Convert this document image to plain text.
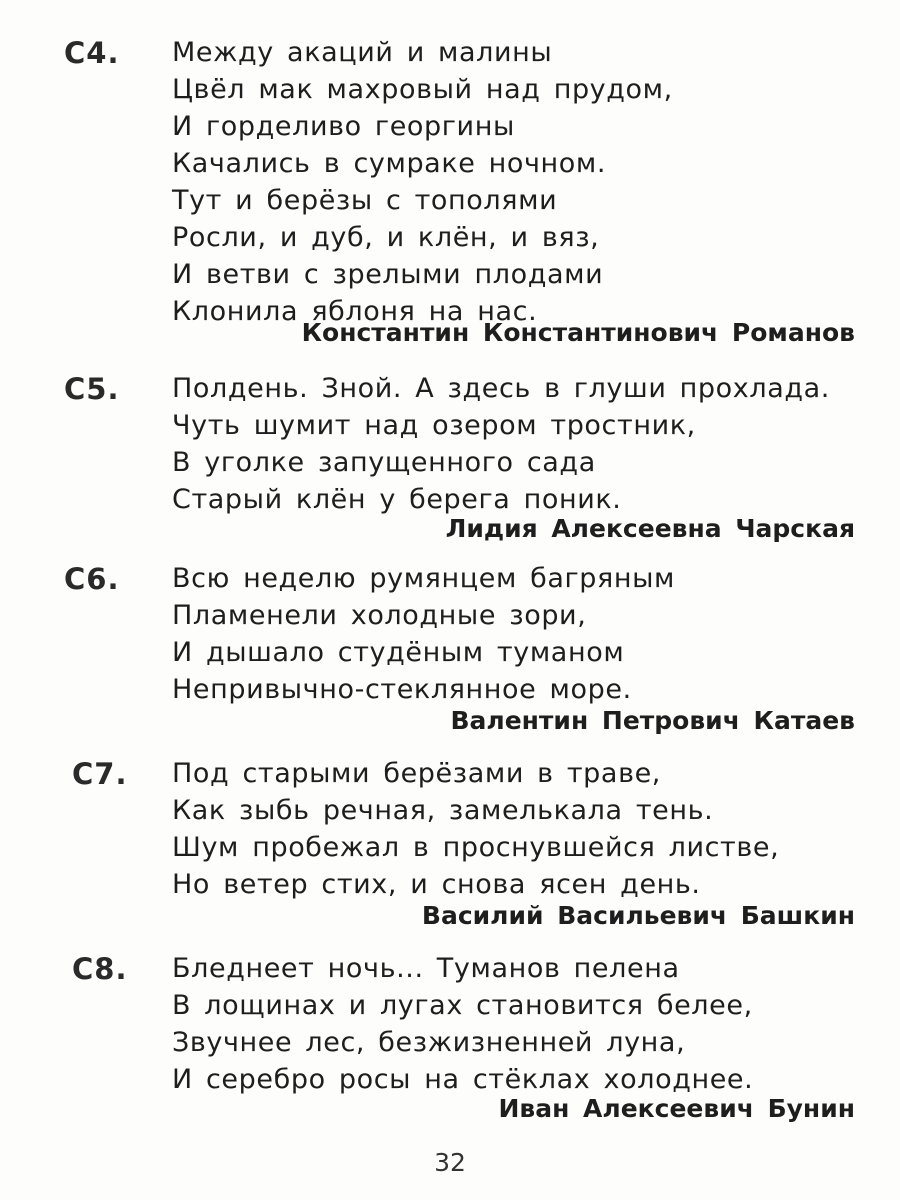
C4. Между акаций и малины
Цвёл мак махровый над прудом,
И горделиво георгины
Качались в сумраке ночном.
Тут и берёзы с тополями
Росли, и дуб, и клён, и вяз,
И ветви с зрелыми плодами
Клонила яблоня на нас.
Константин Константинович Романов
C5. Полдень. Зной. А здесь в глуши прохлада.
Чуть шумит над озером тростник,
В уголке запущенного сада
Старый клён у берега поник.
Лидия Алексеевна Чарская
C6. Всю неделю румянцем багряным
Пламенели холодные зори,
И дышало студёным туманом
Непривычно-стеклянное море.
Валентин Петрович Катаев
C7. Под старыми берёзами в траве,
Как зыбь речная, замелькала тень.
Шум пробежал в проснувшейся листве,
Но ветер стих, и снова ясен день.
Василий Васильевич Башкин
C8. Бледнеет ночь... Туманов пелена
В лощинах и лугах становится белее,
Звучнее лес, безжизненней луна,
И серебро росы на стёклах холоднее.
Иван Алексеевич Бунин
32
